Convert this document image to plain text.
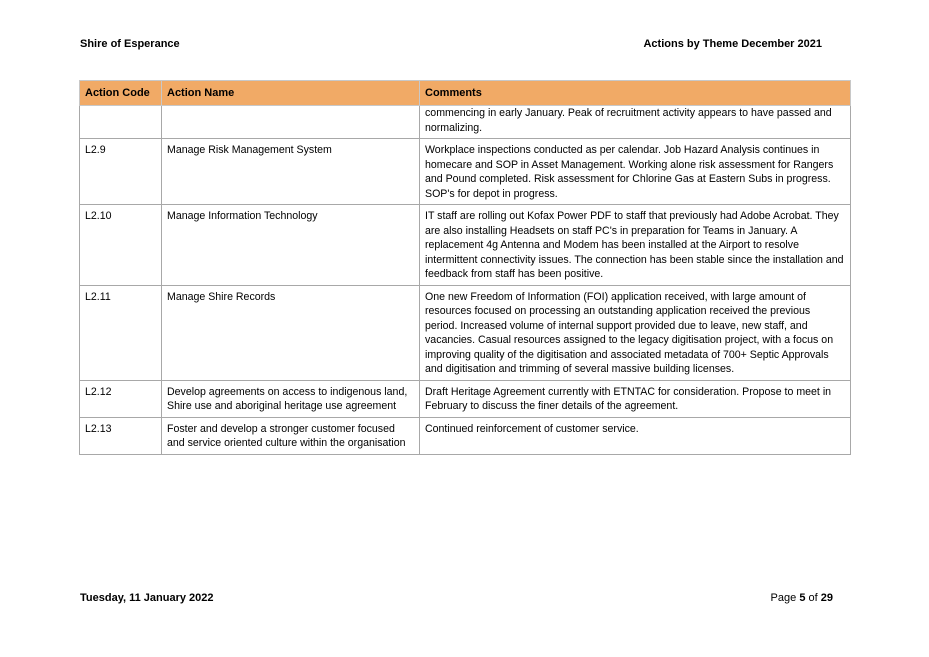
Shire of Esperance	Actions by Theme December 2021
Action Code	Action Name	Comments
		commencing in early January. Peak of recruitment activity appears to have passed and normalizing.
L2.9	Manage Risk Management System	Workplace inspections conducted as per calendar. Job Hazard Analysis continues in homecare and SOP in Asset Management. Working alone risk assessment for Rangers and Pound completed. Risk assessment for Chlorine Gas at Eastern Subs in progress. SOP's for depot in progress.
L2.10	Manage Information Technology	IT staff are rolling out Kofax Power PDF to staff that previously had Adobe Acrobat. They are also installing Headsets on staff PC's in preparation for Teams in January. A replacement 4g Antenna and Modem has been installed at the Airport to resolve intermittent connectivity issues. The connection has been stable since the installation and feedback from staff has been positive.
L2.11	Manage Shire Records	One new Freedom of Information (FOI) application received, with large amount of resources focused on processing an outstanding application received the previous period. Increased volume of internal support provided due to leave, new staff, and vacancies. Casual resources assigned to the legacy digitisation project, with a focus on improving quality of the digitisation and associated metadata of 700+ Septic Approvals and digitisation and trimming of several massive building licenses.
L2.12	Develop agreements on access to indigenous land, Shire use and aboriginal heritage use agreement	Draft Heritage Agreement currently with ETNTAC for consideration. Propose to meet in February to discuss the finer details of the agreement.
L2.13	Foster and develop a stronger customer focused and service oriented culture within the organisation	Continued reinforcement of customer service.
Tuesday, 11 January 2022	Page 5 of 29
